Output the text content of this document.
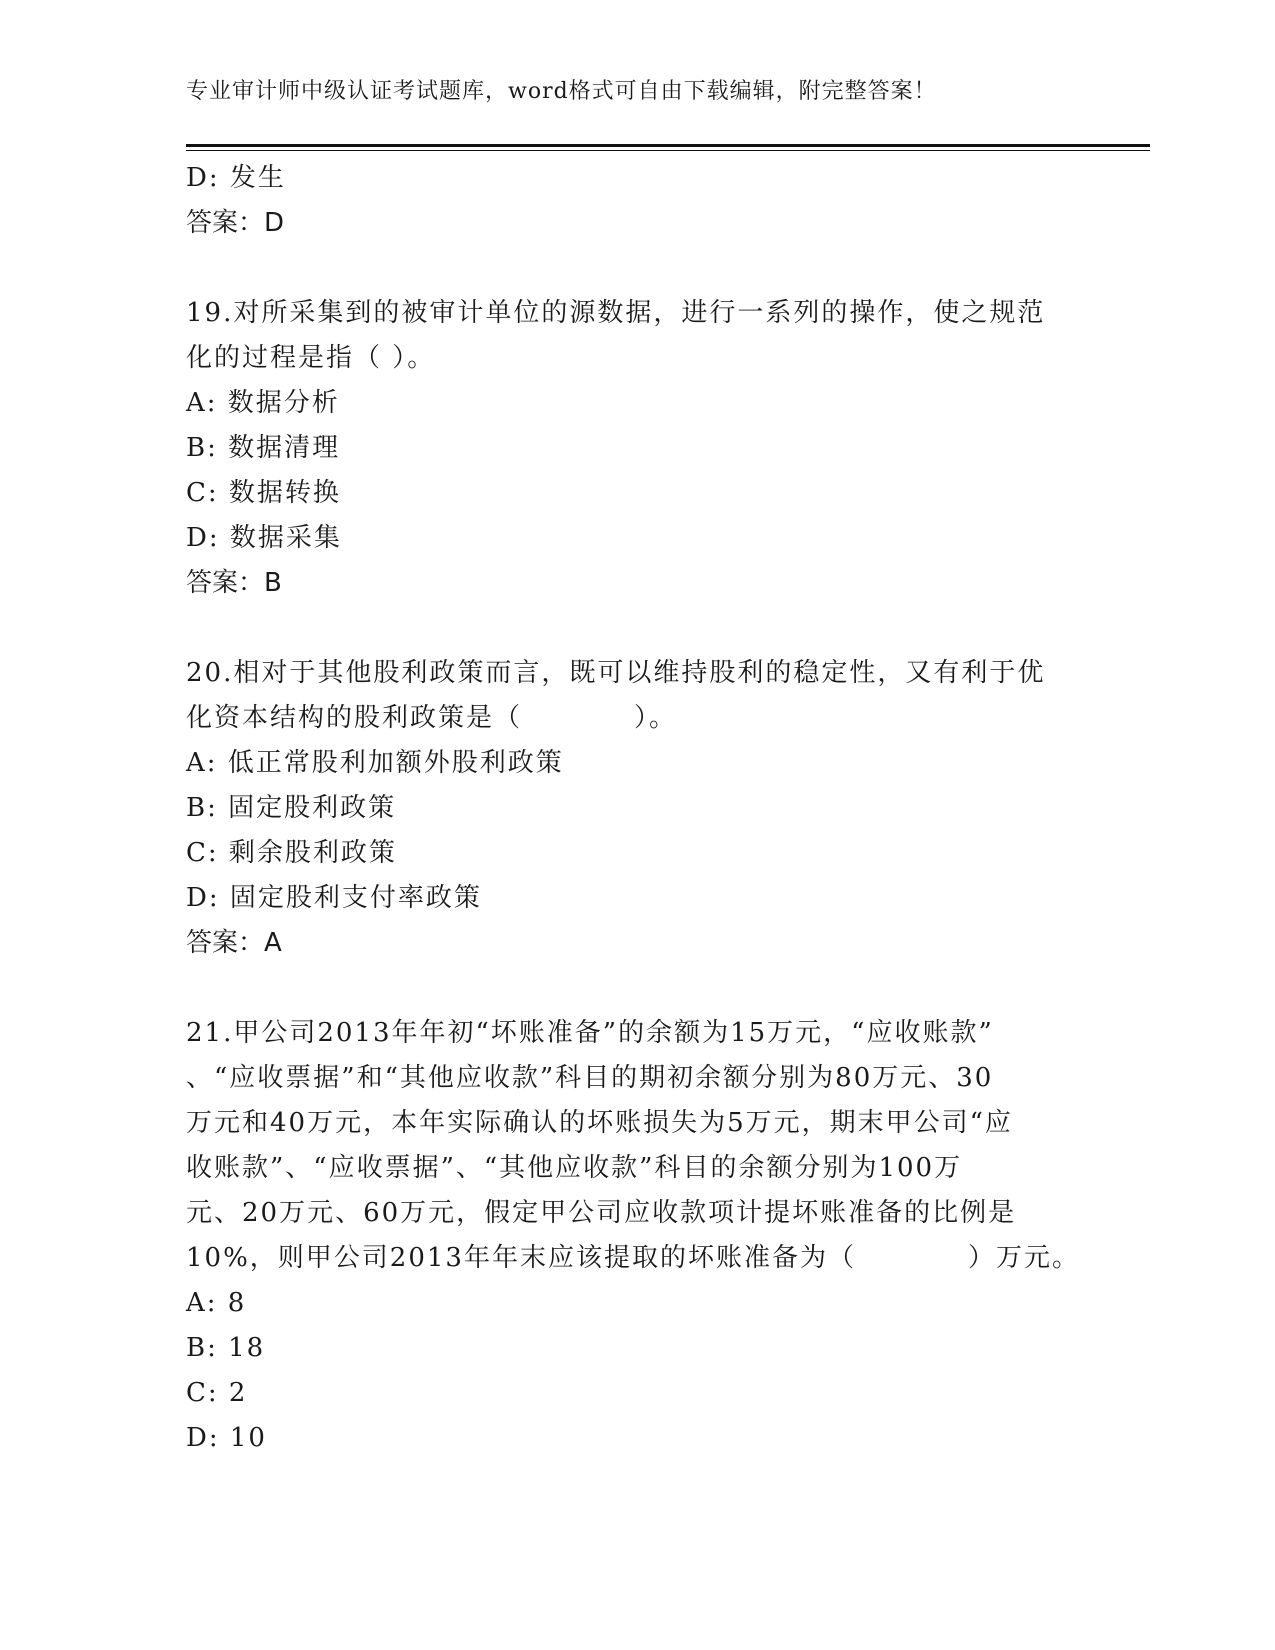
专业审计师中级认证考试题库，word格式可自由下载编辑，附完整答案！
D: 发生
答案：D
19.对所采集到的被审计单位的源数据，进行一系列的操作，使之规范
化的过程是指（ ）。
A: 数据分析
B: 数据清理
C: 数据转换
D: 数据采集
答案：B
20.相对于其他股利政策而言，既可以维持股利的稳定性，又有利于优
化资本结构的股利政策是（　　　　）。
A: 低正常股利加额外股利政策
B: 固定股利政策
C: 剩余股利政策
D: 固定股利支付率政策
答案：A
21.甲公司2013年年初“坏账准备”的余额为15万元，“应收账款”
、“应收票据”和“其他应收款”科目的期初余额分别为80万元、30
万元和40万元，本年实际确认的坏账损失为5万元，期末甲公司“应
收账款”、“应收票据”、“其他应收款”科目的余额分别为100万
元、20万元、60万元，假定甲公司应收款项计提坏账准备的比例是
10%，则甲公司2013年年末应该提取的坏账准备为（　　　　）万元。
A: 8
B: 18
C: 2
D: 10
